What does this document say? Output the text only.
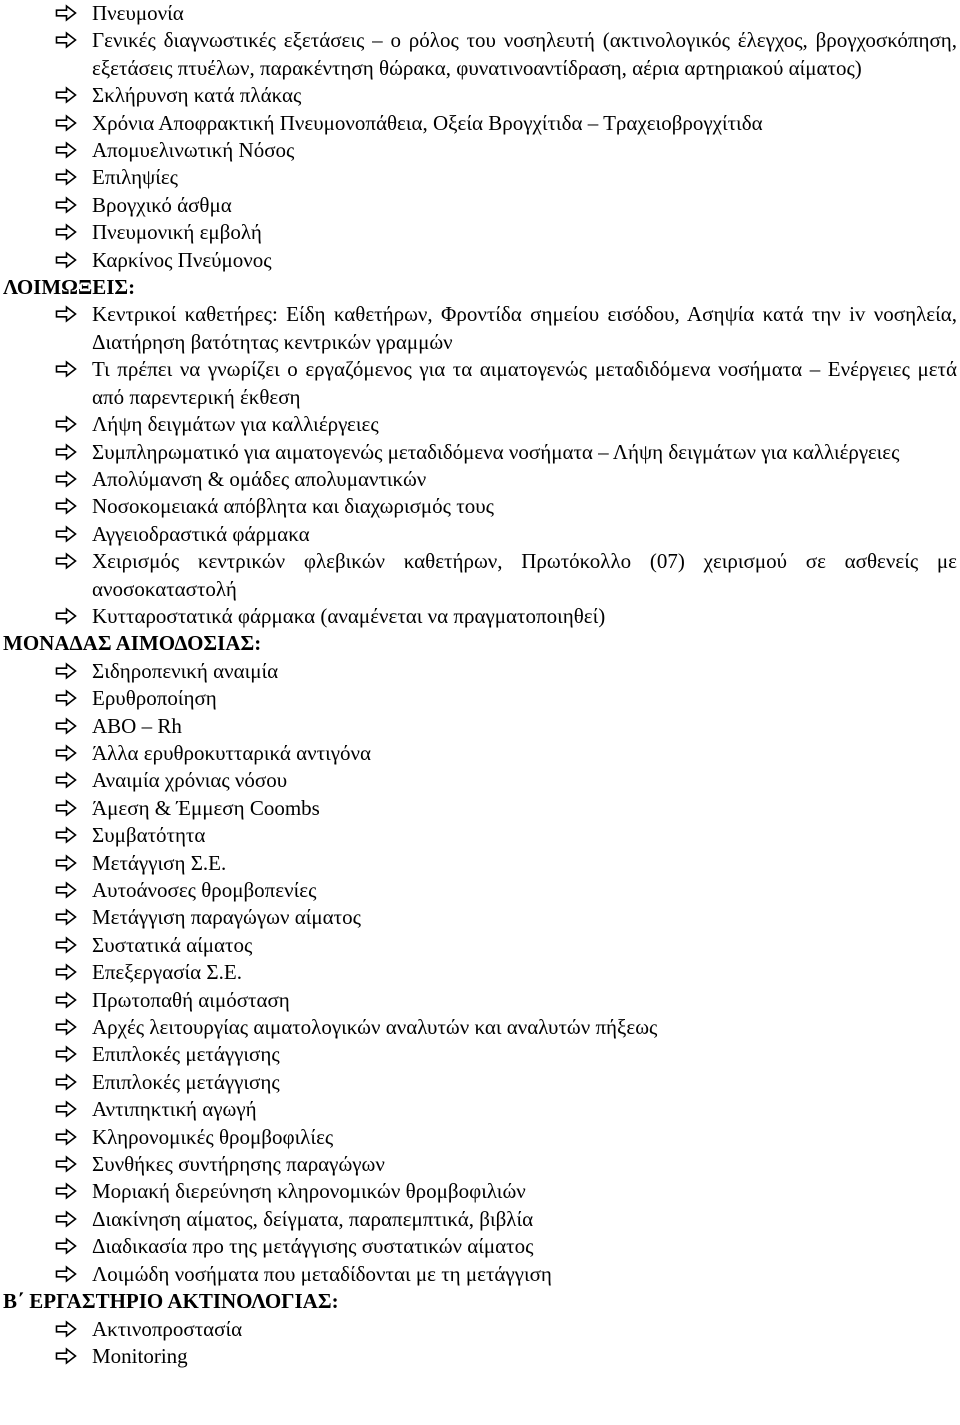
Πνευμονία
Γενικές διαγνωστικές εξετάσεις – ο ρόλος του νοσηλευτή (ακτινολογικός έλεγχος, βρογχοσκόπηση, εξετάσεις πτυέλων, παρακέντηση θώρακα, φυνατινοαντίδραση, αέρια αρτηριακού αίματος)
Σκλήρυνση κατά πλάκας
Χρόνια Αποφρακτική Πνευμονοπάθεια, Οξεία Βρογχίτιδα – Τραχειοβρογχίτιδα
Απομυελινωτική Νόσος
Επιληψίες
Βρογχικό άσθμα
Πνευμονική εμβολή
Καρκίνος Πνεύμονος
ΛΟΙΜΩΞΕΙΣ:
Κεντρικοί καθετήρες: Είδη καθετήρων, Φροντίδα σημείου εισόδου, Ασηψία κατά την iv νοσηλεία, Διατήρηση βατότητας κεντρικών γραμμών
Τι πρέπει να γνωρίζει ο εργαζόμενος για τα αιματογενώς μεταδιδόμενα νοσήματα – Ενέργειες μετά από παρεντερική έκθεση
Λήψη δειγμάτων για καλλιέργειες
Συμπληρωματικό για αιματογενώς μεταδιδόμενα νοσήματα – Λήψη δειγμάτων για καλλιέργειες
Απολύμανση & ομάδες απολυμαντικών
Νοσοκομειακά απόβλητα και διαχωρισμός τους
Αγγειοδραστικά φάρμακα
Χειρισμός κεντρικών φλεβικών καθετήρων, Πρωτόκολλο (07) χειρισμού σε ασθενείς με ανοσοκαταστολή
Κυτταροστατικά φάρμακα (αναμένεται να πραγματοποιηθεί)
ΜΟΝΑΔΑΣ ΑΙΜΟΔΟΣΙΑΣ:
Σιδηροπενική αναιμία
Ερυθροποίηση
ABO – Rh
Άλλα ερυθροκυτταρικά αντιγόνα
Αναιμία χρόνιας νόσου
Άμεση & Έμμεση Coombs
Συμβατότητα
Μετάγγιση Σ.Ε.
Αυτοάνοσες θρομβοπενίες
Μετάγγιση παραγώγων αίματος
Συστατικά αίματος
Επεξεργασία Σ.Ε.
Πρωτοπαθή αιμόσταση
Αρχές λειτουργίας αιματολογικών αναλυτών και αναλυτών πήξεως
Επιπλοκές μετάγγισης
Επιπλοκές μετάγγισης
Αντιπηκτική αγωγή
Κληρονομικές θρομβοφιλίες
Συνθήκες συντήρησης παραγώγων
Μοριακή διερεύνηση κληρονομικών θρομβοφιλιών
Διακίνηση αίματος, δείγματα, παραπεμπτικά, βιβλία
Διαδικασία προ της μετάγγισης συστατικών αίματος
Λοιμώδη νοσήματα που μεταδίδονται με τη μετάγγιση
Β΄ ΕΡΓΑΣΤΗΡΙΟ ΑΚΤΙΝΟΛΟΓΙΑΣ:
Ακτινοπροστασία
Monitoring
